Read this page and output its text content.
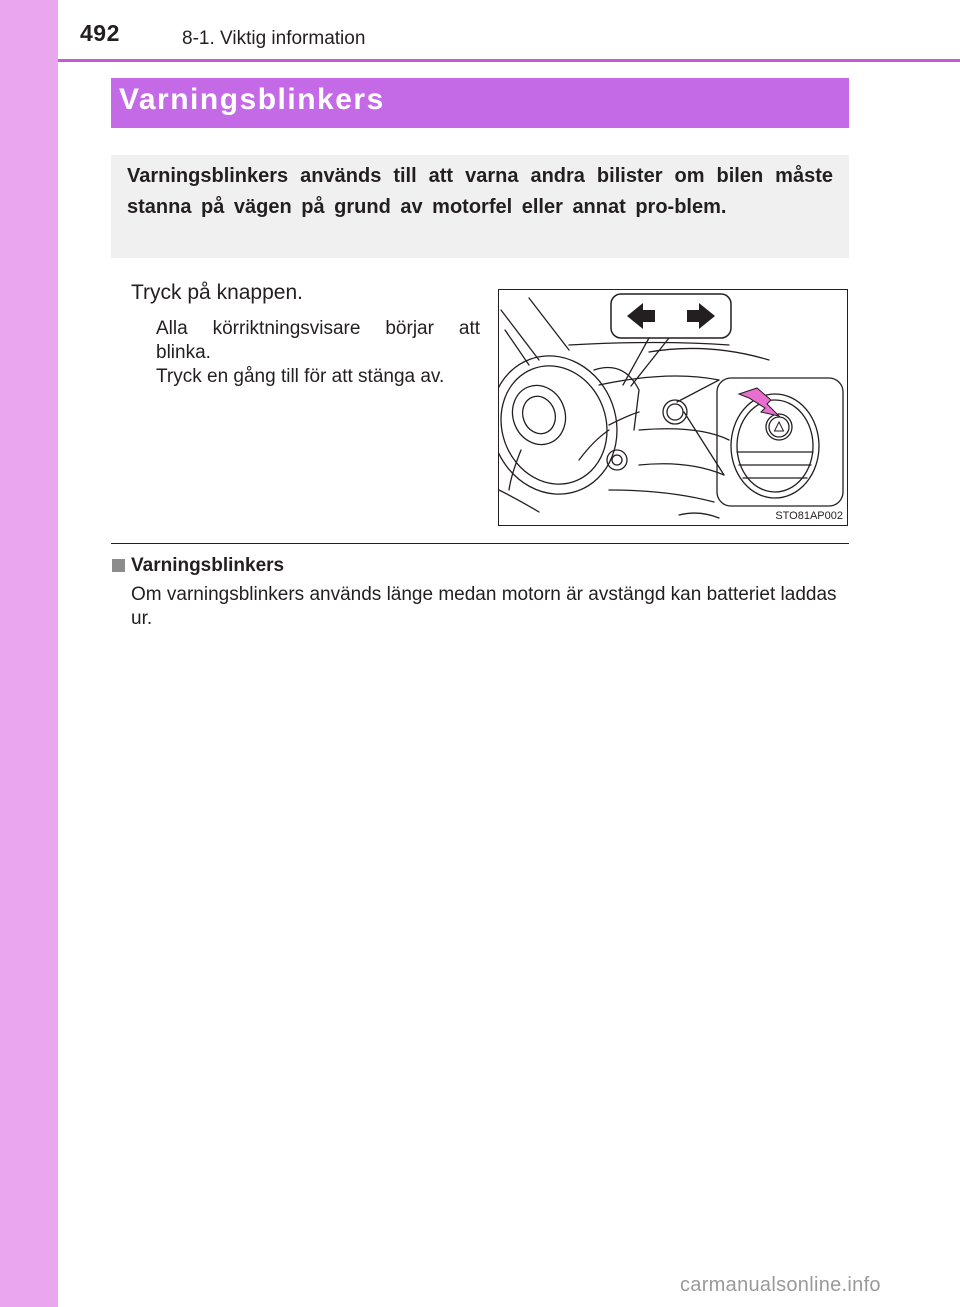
492	8-1. Viktig information
Varningsblinkers

Varningsblinkers används till att varna andra bilister om bilen måste stanna på vägen på grund av motorfel eller annat pro-blem.

Tryck på knappen.

Alla körriktningsvisare börjar att
blinka.
Tryck en gång till för att stänga av.

STO81AP002
Varningsblinkers

Om varningsblinkers används länge medan motorn är avstängd kan batteriet laddas ur.

carmanualsonline.info
